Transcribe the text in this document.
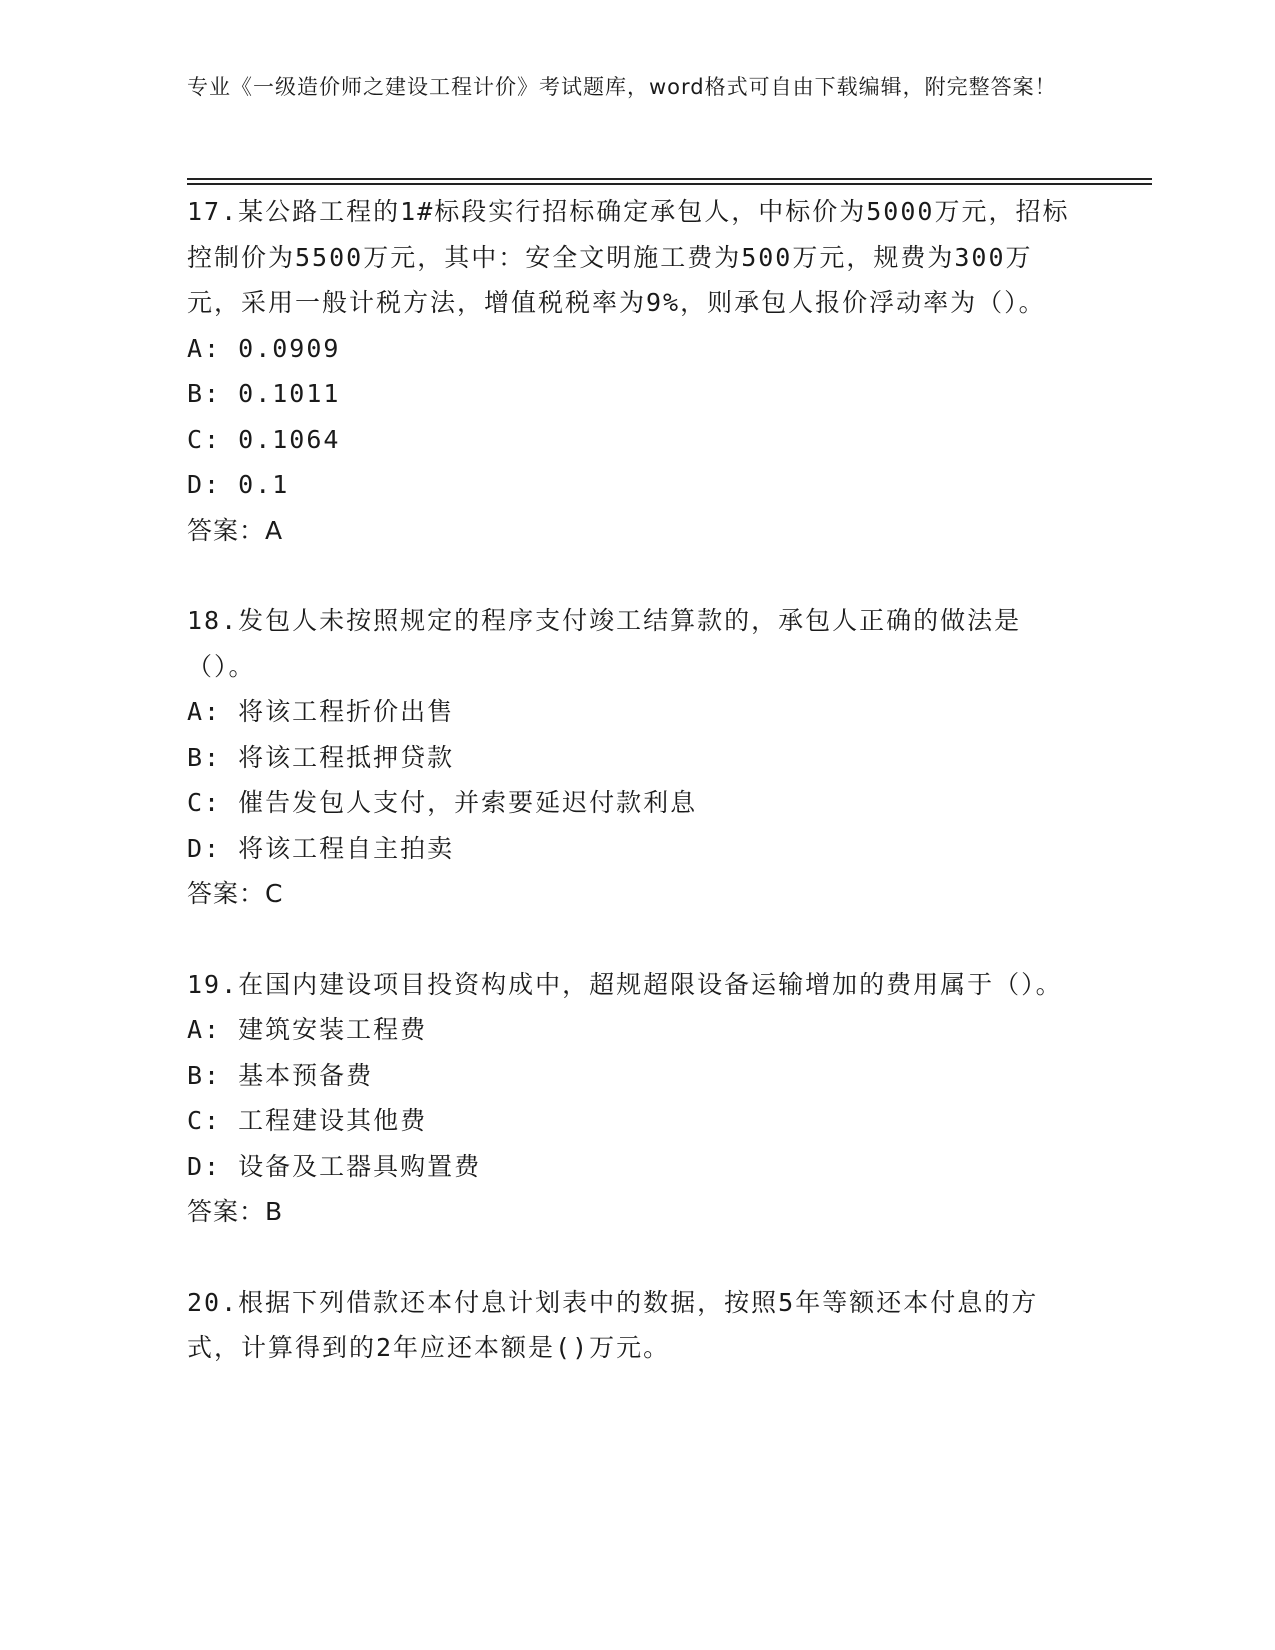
专业《一级造价师之建设工程计价》考试题库，word格式可自由下载编辑，附完整答案！
17.某公路工程的1#标段实行招标确定承包人，中标价为5000万元，招标控制价为5500万元，其中：安全文明施工费为500万元，规费为300万元，采用一般计税方法，增值税税率为9%，则承包人报价浮动率为（）。
A: 0.0909
B: 0.1011
C: 0.1064
D: 0.1
答案：A
18.发包人未按照规定的程序支付竣工结算款的，承包人正确的做法是（）。
A: 将该工程折价出售
B: 将该工程抵押贷款
C: 催告发包人支付，并索要延迟付款利息
D: 将该工程自主拍卖
答案：C
19.在国内建设项目投资构成中，超规超限设备运输增加的费用属于（）。
A: 建筑安装工程费
B: 基本预备费
C: 工程建设其他费
D: 设备及工器具购置费
答案：B
20.根据下列借款还本付息计划表中的数据，按照5年等额还本付息的方式，计算得到的2年应还本额是()万元。
